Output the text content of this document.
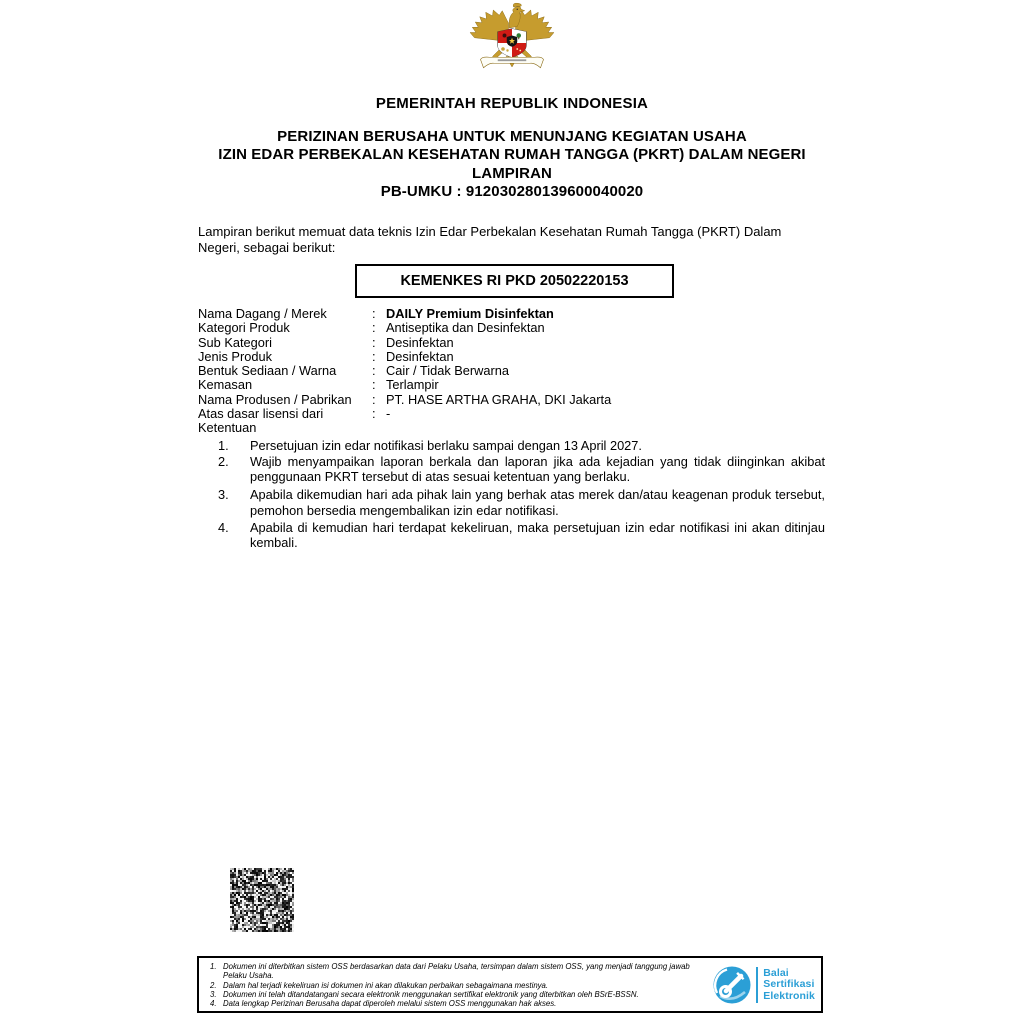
PEMERINTAH REPUBLIK INDONESIA
PERIZINAN BERUSAHA UNTUK MENUNJANG KEGIATAN USAHA
IZIN EDAR PERBEKALAN KESEHATAN RUMAH TANGGA (PKRT) DALAM NEGERI
LAMPIRAN
PB-UMKU : 912030280139600040020
Lampiran berikut memuat data teknis Izin Edar Perbekalan Kesehatan Rumah Tangga (PKRT) Dalam Negeri, sebagai berikut:
KEMENKES RI PKD 20502220153
Nama Dagang / Merek	: DAILY Premium Disinfektan
Kategori Produk	: Antiseptika dan Desinfektan
Sub Kategori	: Desinfektan
Jenis Produk	: Desinfektan
Bentuk Sediaan / Warna	: Cair / Tidak Berwarna
Kemasan	: Terlampir
Nama Produsen / Pabrikan	: PT. HASE ARTHA GRAHA, DKI Jakarta
Atas dasar lisensi dari	: -
Ketentuan
1.	Persetujuan izin edar notifikasi berlaku sampai dengan 13 April 2027.
2.	Wajib menyampaikan laporan berkala dan laporan jika ada kejadian yang tidak diinginkan akibat penggunaan PKRT tersebut di atas sesuai ketentuan yang berlaku.
3.	Apabila dikemudian hari ada pihak lain yang berhak atas merek dan/atau keagenan produk tersebut, pemohon bersedia mengembalikan izin edar notifikasi.
4.	Apabila di kemudian hari terdapat kekeliruan, maka persetujuan izin edar notifikasi ini akan ditinjau kembali.
1. Dokumen ini diterbitkan sistem OSS berdasarkan data dari Pelaku Usaha, tersimpan dalam sistem OSS, yang menjadi tanggung jawab Pelaku Usaha.
2. Dalam hal terjadi kekeliruan isi dokumen ini akan dilakukan perbaikan sebagaimana mestinya.
3. Dokumen ini telah ditandatangani secara elektronik menggunakan sertifikat elektronik yang diterbitkan oleh BSrE-BSSN.
4. Data lengkap Perizinan Berusaha dapat diperoleh melalui sistem OSS menggunakan hak akses.
Balai
Sertifikasi
Elektronik
